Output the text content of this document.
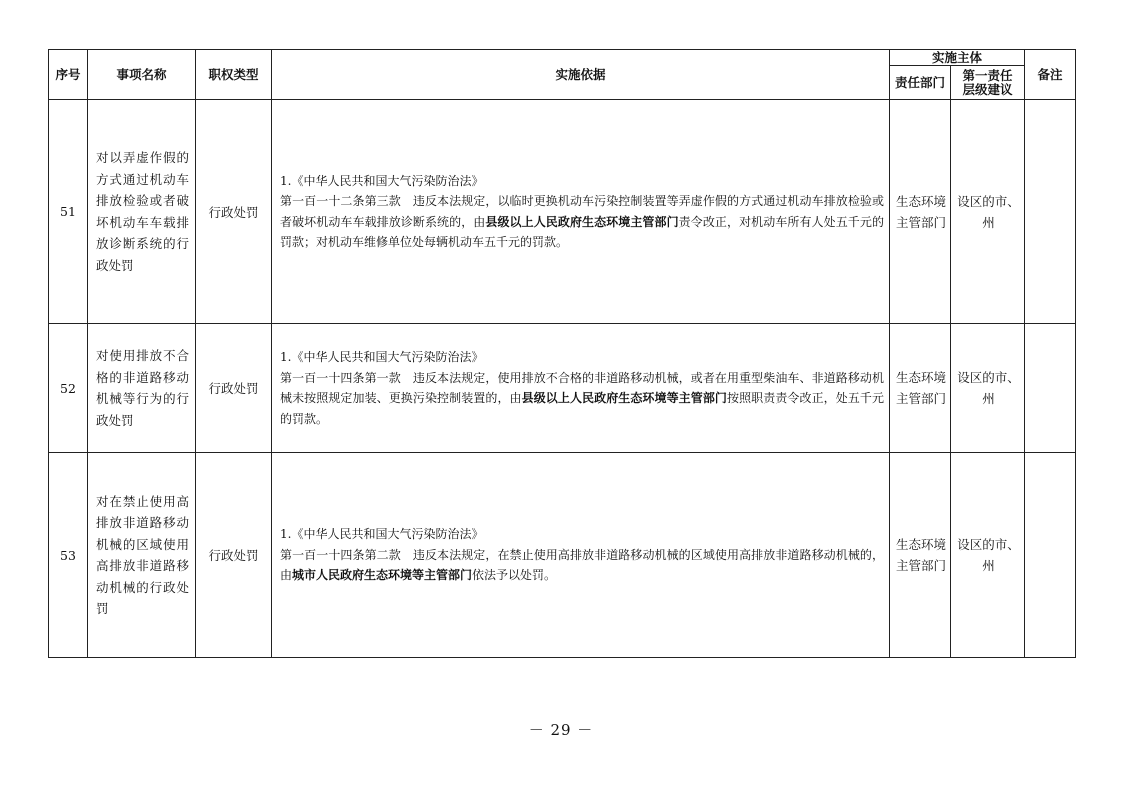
序号	事项名称	职权类型	实施依据	实施主体		备注
				责任部门	第一责任层级建议	
51	对以弄虚作假的方式通过机动车排放检验或者破坏机动车车载排放诊断系统的行政处罚	行政处罚	1.《中华人民共和国大气污染防治法》
第一百一十二条第三款　违反本法规定，以临时更换机动车污染控制装置等弄虚作假的方式通过机动车排放检验或者破坏机动车车载排放诊断系统的，由县级以上人民政府生态环境主管部门责令改正，对机动车所有人处五千元的罚款；对机动车维修单位处每辆机动车五千元的罚款。	生态环境主管部门	设区的市、州	
52	对使用排放不合格的非道路移动机械等行为的行政处罚	行政处罚	1.《中华人民共和国大气污染防治法》
第一百一十四条第一款　违反本法规定，使用排放不合格的非道路移动机械，或者在用重型柴油车、非道路移动机械未按照规定加装、更换污染控制装置的，由县级以上人民政府生态环境等主管部门按照职责责令改正，处五千元的罚款。	生态环境主管部门	设区的市、州	
53	对在禁止使用高排放非道路移动机械的区域使用高排放非道路移动机械的行政处罚	行政处罚	1.《中华人民共和国大气污染防治法》
第一百一十四条第二款　违反本法规定，在禁止使用高排放非道路移动机械的区域使用高排放非道路移动机械的，由城市人民政府生态环境等主管部门依法予以处罚。	生态环境主管部门	设区的市、州	
－ 29 －
